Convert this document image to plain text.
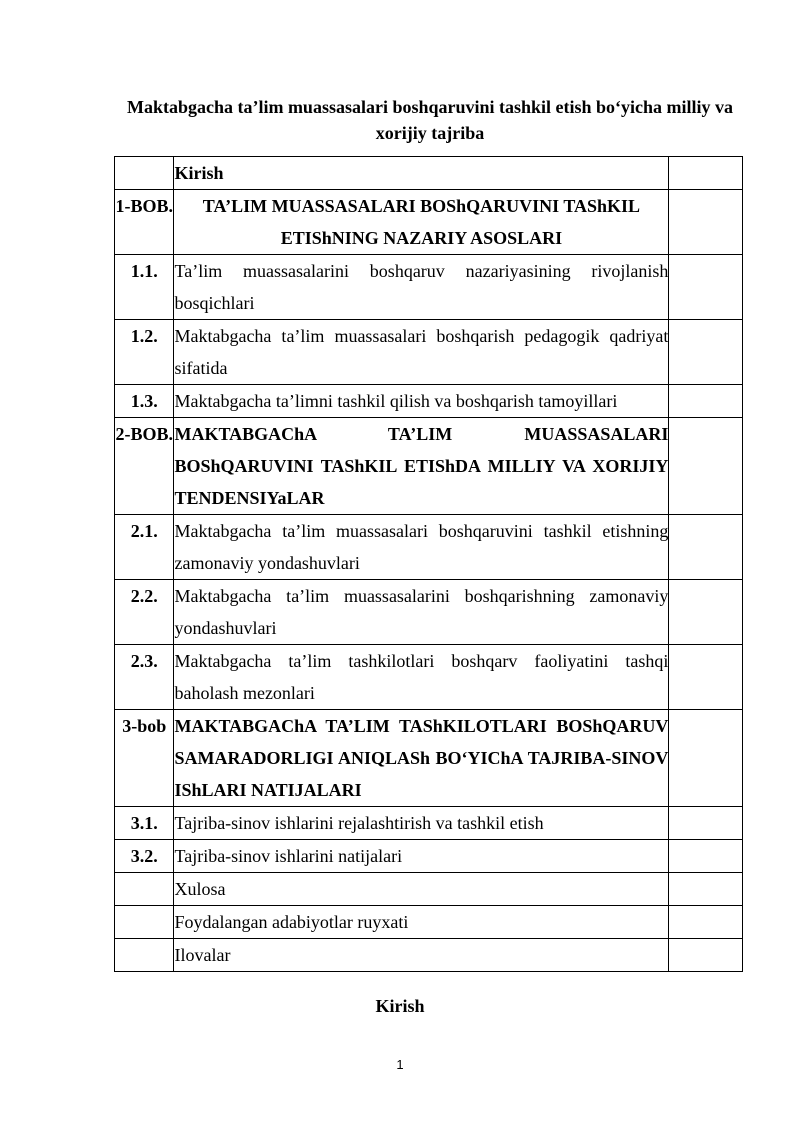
Maktabgacha ta’lim muassasalari boshqaruvini tashkil etish bo‘yicha milliy va xorijiy tajriba
	Kirish	
1-BOB.	TA’LIM MUASSASALARI BOShQARUVINI TAShKIL ETIShNING NAZARIY ASOSLARI	
1.1.	Ta’lim muassasalarini boshqaruv nazariyasining rivojlanish bosqichlari	
1.2.	Maktabgacha ta’lim muassasalari boshqarish pedagogik qadriyat sifatida	
1.3.	Maktabgacha ta’limni tashkil qilish va boshqarish tamoyillari	
2-BOB.	MAKTABGAChA TA’LIM MUASSASALARI BOShQARUVINI TAShKIL ETIShDA MILLIY VA XORIJIY TENDENSIYaLAR	
2.1.	Maktabgacha ta’lim muassasalari boshqaruvini tashkil etishning zamonaviy yondashuvlari	
2.2.	Maktabgacha ta’lim muassasalarini boshqarishning zamonaviy yondashuvlari	
2.3.	Maktabgacha ta’lim tashkilotlari boshqarv faoliyatini tashqi baholash mezonlari	
3-bob	MAKTABGAChA TA’LIM TAShKILOTLARI BOShQARUV SAMARADORLIGI ANIQLASh BO‘YIChA TAJRIBA-SINOV IShLARI NATIJALARI	
3.1.	Tajriba-sinov ishlarini rejalashtirish va tashkil etish	
3.2.	Tajriba-sinov ishlarini natijalari	
	Xulosa	
	Foydalangan adabiyotlar ruyxati	
	Ilovalar	
Kirish
1
